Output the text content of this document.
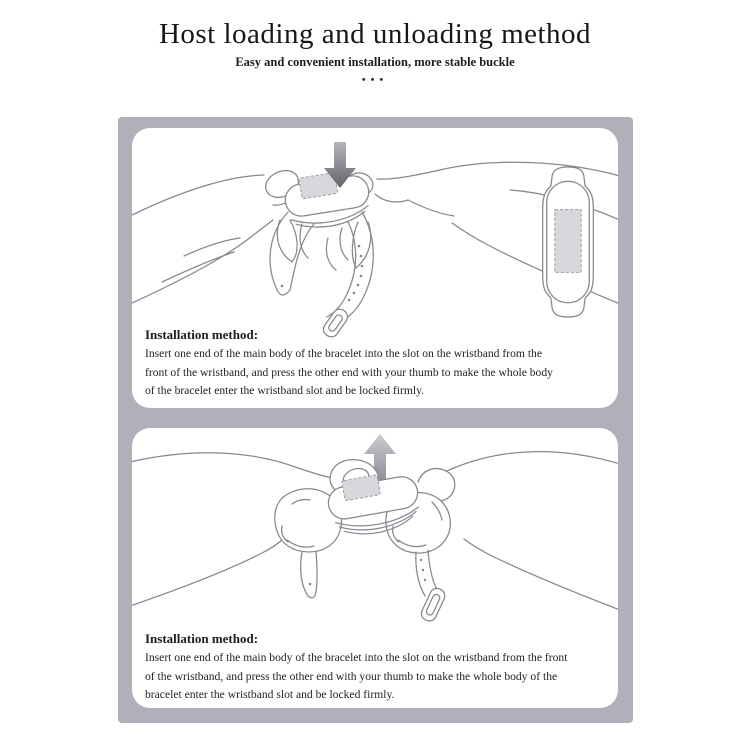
Host loading and unloading method
Easy and convenient installation, more stable buckle
•••
Installation method:
Insert one end of the main body of the bracelet into the slot on the wristband from the
front of the wristband, and press the other end with your thumb to make the whole body
of the bracelet enter the wristband slot and be locked firmly.
Installation method:
Insert one end of the main body of the bracelet into the slot on the wristband from the front
of the wristband, and press the other end with your thumb to make the whole body of the
bracelet enter the wristband slot and be locked firmly.
